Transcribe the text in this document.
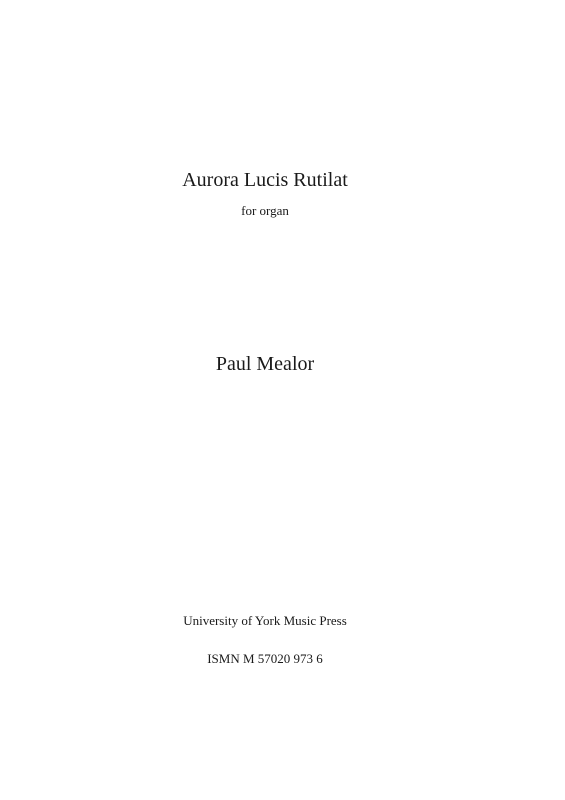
Aurora Lucis Rutilat
for organ
Paul Mealor
University of York Music Press
ISMN M 57020 973 6
